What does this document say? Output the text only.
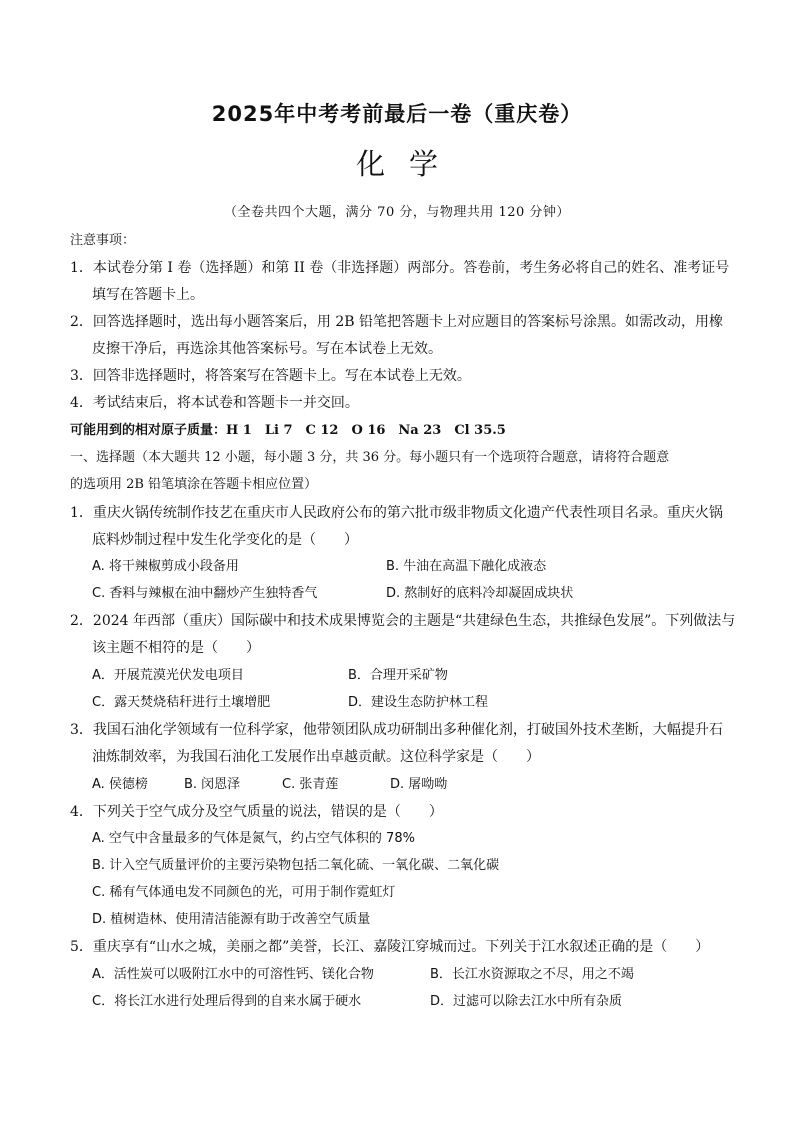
2025年中考考前最后一卷（重庆卷）
化学
（全卷共四个大题，满分 70 分，与物理共用 120 分钟）
注意事项：
1．本试卷分第 I 卷（选择题）和第 II 卷（非选择题）两部分。答卷前，考生务必将自己的姓名、准考证号
填写在答题卡上。
2．回答选择题时，选出每小题答案后，用 2B 铅笔把答题卡上对应题目的答案标号涂黑。如需改动，用橡
皮擦干净后，再选涂其他答案标号。写在本试卷上无效。
3．回答非选择题时，将答案写在答题卡上。写在本试卷上无效。
4．考试结束后，将本试卷和答题卡一并交回。
可能用到的相对原子质量：H 1　Li 7　C 12　O 16　Na 23　Cl 35.5
一、选择题（本大题共 12 小题，每小题 3 分，共 36 分。每小题只有一个选项符合题意，请将符合题意
的选项用 2B 铅笔填涂在答题卡相应位置）
1．重庆火锅传统制作技艺在重庆市人民政府公布的第六批市级非物质文化遗产代表性项目名录。重庆火锅
底料炒制过程中发生化学变化的是（　　）
A. 将干辣椒剪成小段备用	B. 牛油在高温下融化成液态
C. 香料与辣椒在油中翻炒产生独特香气	D. 熬制好的底料冷却凝固成块状
2．2024 年西部（重庆）国际碳中和技术成果博览会的主题是“共建绿色生态，共推绿色发展”。下列做法与
该主题不相符的是（　　）
A．开展荒漠光伏发电项目	B．合理开采矿物
C．露天焚烧秸秆进行土壤增肥	D．建设生态防护林工程
3．我国石油化学领域有一位科学家，他带领团队成功研制出多种催化剂，打破国外技术垄断，大幅提升石
油炼制效率，为我国石油化工发展作出卓越贡献。这位科学家是（　　）
A. 侯德榜	B. 闵恩泽	C. 张青莲	D. 屠呦呦
4．下列关于空气成分及空气质量的说法，错误的是（　　）
A. 空气中含量最多的气体是氮气，约占空气体积的 78%
B. 计入空气质量评价的主要污染物包括二氧化硫、一氧化碳、二氧化碳
C. 稀有气体通电发不同颜色的光，可用于制作霓虹灯
D. 植树造林、使用清洁能源有助于改善空气质量
5．重庆享有“山水之城，美丽之都”美誉，长江、嘉陵江穿城而过。下列关于江水叙述正确的是（　　）
A．活性炭可以吸附江水中的可溶性钙、镁化合物	B．长江水资源取之不尽，用之不竭
C．将长江水进行处理后得到的自来水属于硬水	D．过滤可以除去江水中所有杂质
